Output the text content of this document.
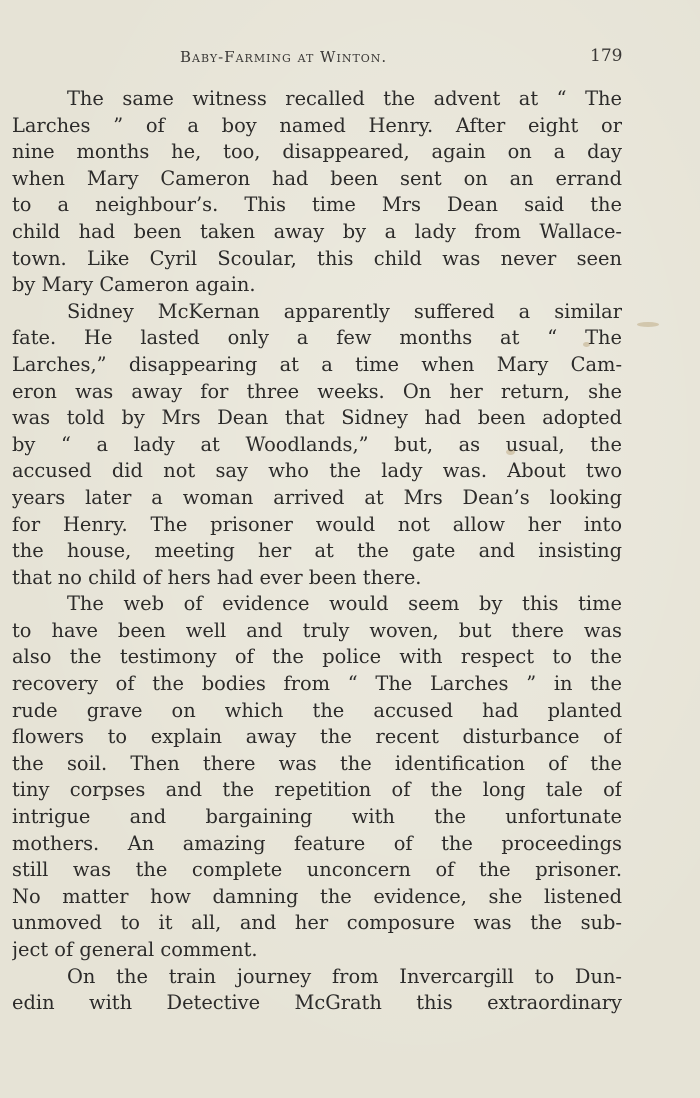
Baby-Farming at Winton.	179
The same witness recalled the advent at “ The
Larches ” of a boy named Henry. After eight or
nine months he, too, disappeared, again on a day
when Mary Cameron had been sent on an errand
to a neighbour’s. This time Mrs Dean said the
child had been taken away by a lady from Wallace-
town. Like Cyril Scoular, this child was never seen
by Mary Cameron again.
Sidney McKernan apparently suffered a similar
fate. He lasted only a few months at “ The
Larches,” disappearing at a time when Mary Cam-
eron was away for three weeks. On her return, she
was told by Mrs Dean that Sidney had been adopted
by “ a lady at Woodlands,” but, as usual, the
accused did not say who the lady was. About two
years later a woman arrived at Mrs Dean’s looking
for Henry. The prisoner would not allow her into
the house, meeting her at the gate and insisting
that no child of hers had ever been there.
The web of evidence would seem by this time
to have been well and truly woven, but there was
also the testimony of the police with respect to the
recovery of the bodies from “ The Larches ” in the
rude grave on which the accused had planted
flowers to explain away the recent disturbance of
the soil. Then there was the identification of the
tiny corpses and the repetition of the long tale of
intrigue and bargaining with the unfortunate
mothers. An amazing feature of the proceedings
still was the complete unconcern of the prisoner.
No matter how damning the evidence, she listened
unmoved to it all, and her composure was the sub-
ject of general comment.
On the train journey from Invercargill to Dun-
edin with Detective McGrath this extraordinary
